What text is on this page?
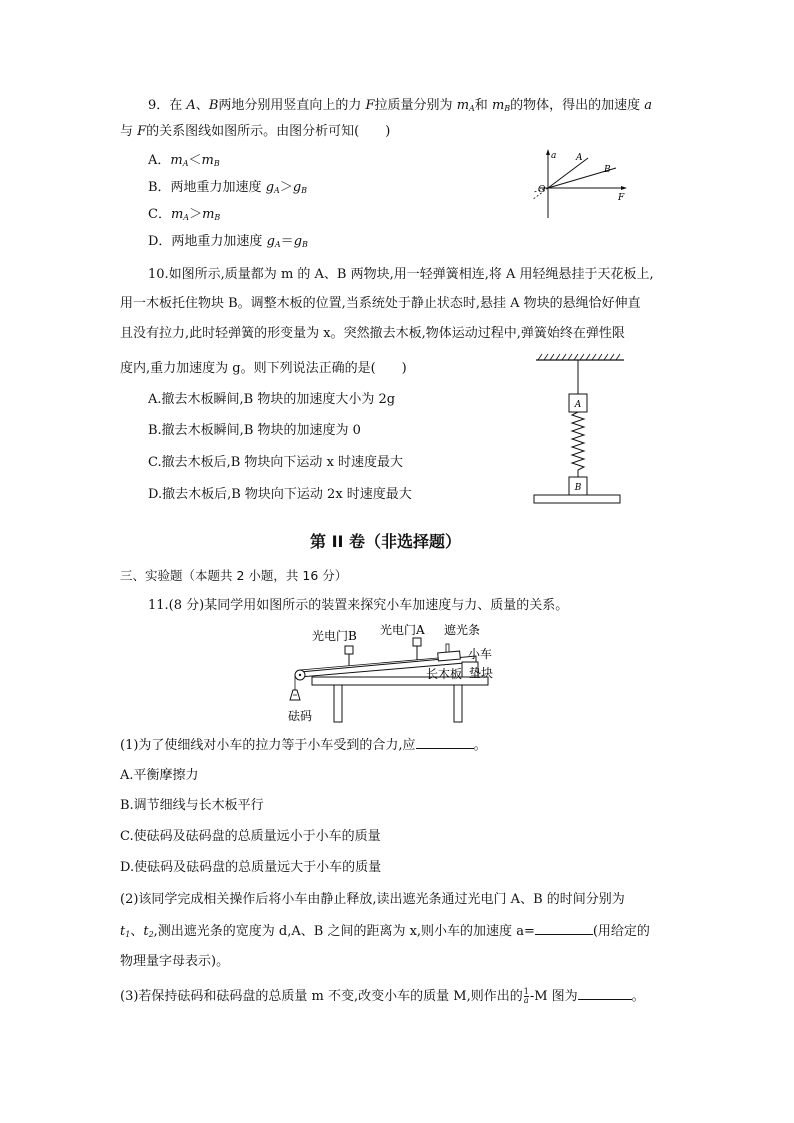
9．在 A、B两地分别用竖直向上的力 F拉质量分别为 $m_A$和 $m_B$的物体，得出的加速度 a
与 F的关系图线如图所示。由图分析可知(　　)
A．$m_A<m_B$
B．两地重力加速度 $g_A>g_B$
C．$m_A>m_B$
D．两地重力加速度 $g_A=g_B$
a
O
F
A
B
10.如图所示,质量都为 m 的 A、B 两物块,用一轻弹簧相连,将 A 用轻绳悬挂于天花板上,
用一木板托住物块 B。调整木板的位置,当系统处于静止状态时,悬挂 A 物块的悬绳恰好伸直
且没有拉力,此时轻弹簧的形变量为 x。突然撤去木板,物体运动过程中,弹簧始终在弹性限
度内,重力加速度为 g。则下列说法正确的是(　　)
A.撤去木板瞬间,B 物块的加速度大小为 2g
B.撤去木板瞬间,B 物块的加速度为 0
C.撤去木板后,B 物块向下运动 x 时速度最大
D.撤去木板后,B 物块向下运动 2x 时速度最大
A
B
第 II 卷（非选择题）
三、实验题（本题共 2 小题，共 16 分）
11.(8 分)某同学用如图所示的装置来探究小车加速度与力、质量的关系。
光电门B 光电门A 遮光条
小车
长木板 垫块
砝码
(1)为了使细线对小车的拉力等于小车受到的合力,应	。
A.平衡摩擦力
B.调节细线与长木板平行
C.使砝码及砝码盘的总质量远小于小车的质量
D.使砝码及砝码盘的总质量远大于小车的质量
(2)该同学完成相关操作后将小车由静止释放,读出遮光条通过光电门 A、B 的时间分别为
$t_1$、$t_2$,测出遮光条的宽度为 d,A、B 之间的距离为 x,则小车的加速度 a=	(用给定的
物理量字母表示)。
(3)若保持砝码和砝码盘的总质量 m 不变,改变小车的质量 M,则作出的 $\frac{1}{a} -M$ 图为	。
